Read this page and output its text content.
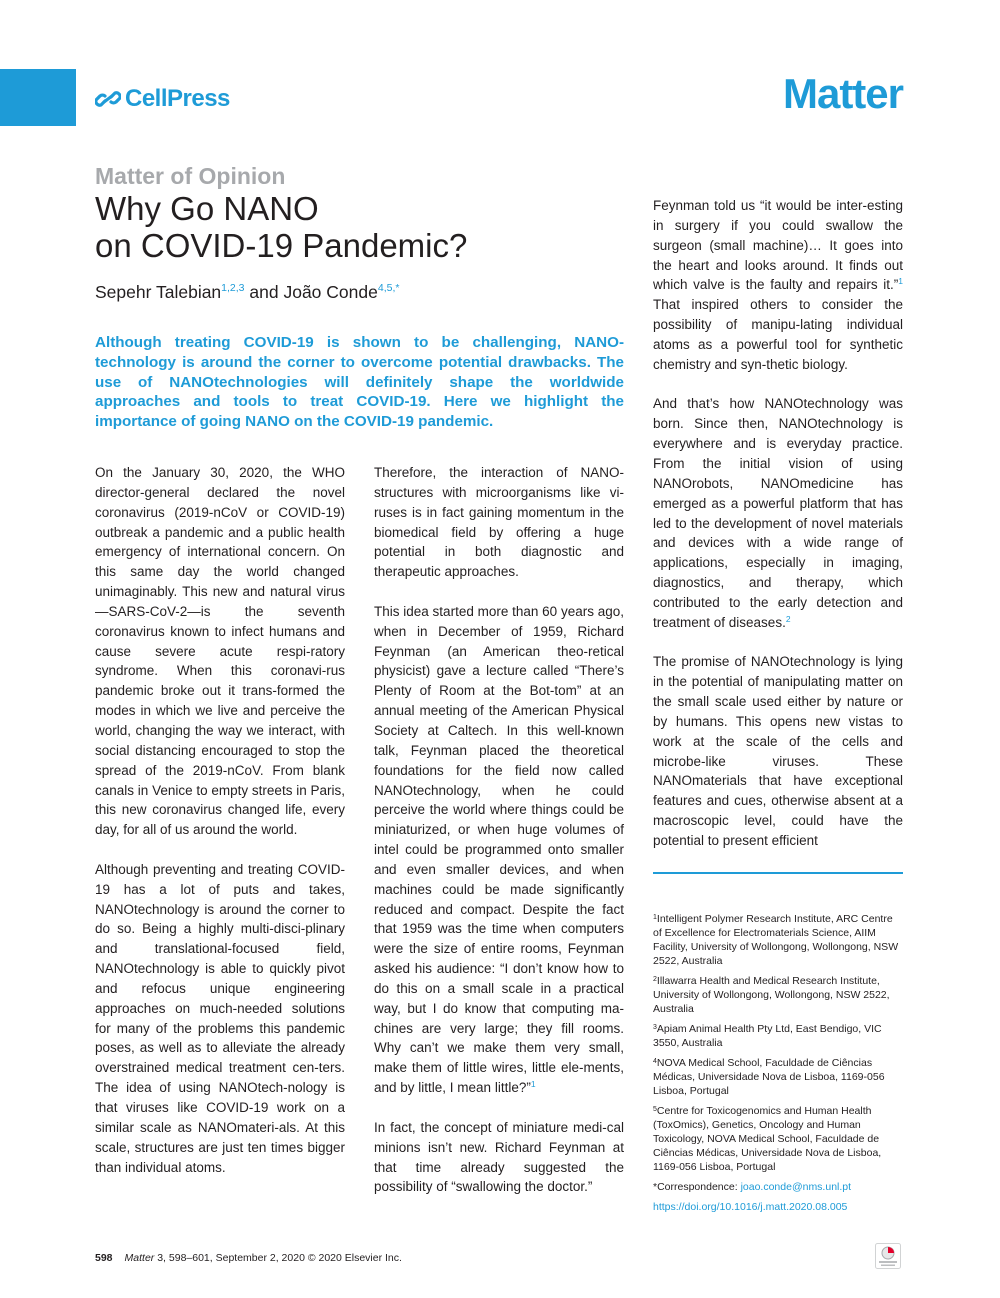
CellPress	Matter
Matter of Opinion
Why Go NANO
on COVID-19 Pandemic?
Sepehr Talebian$^{1,2,3}$ and João Conde$^{4,5,*}$
Although treating COVID-19 is shown to be challenging, NANO-technology is around the corner to overcome potential drawbacks. The use of NANOtechnologies will definitely shape the worldwide approaches and tools to treat COVID-19. Here we highlight the importance of going NANO on the COVID-19 pandemic.

On the January 30, 2020, the WHO director-general declared the novel coronavirus (2019-nCoV or COVID-19) outbreak a pandemic and a public health emergency of international concern. On this same day the world changed unimaginably. This new and natural virus—SARS-CoV-2—is the seventh coronavirus known to infect humans and cause severe acute respi-ratory syndrome. When this coronavi-rus pandemic broke out it trans-formed the modes in which we live and perceive the world, changing the way we interact, with social distancing encouraged to stop the spread of the 2019-nCoV. From blank canals in Venice to empty streets in Paris, this new coronavirus changed life, every day, for all of us around the world.

Although preventing and treating COVID-19 has a lot of puts and takes, NANOtechnology is around the corner to do so. Being a highly multi-disci-plinary and translational-focused field, NANOtechnology is able to quickly pivot and refocus unique engineering approaches on much-needed solutions for many of the problems this pandemic poses, as well as to alleviate the already overstrained medical treatment cen-ters. The idea of using NANOtech-nology is that viruses like COVID-19 work on a similar scale as NANOmateri-als. At this scale, structures are just ten times bigger than individual atoms.

Therefore, the interaction of NANO-structures with microorganisms like vi-ruses is in fact gaining momentum in the biomedical field by offering a huge potential in both diagnostic and therapeutic approaches.

This idea started more than 60 years ago, when in December of 1959, Richard Feynman (an American theo-retical physicist) gave a lecture called “There’s Plenty of Room at the Bot-tom” at an annual meeting of the American Physical Society at Caltech. In this well-known talk, Feynman placed the theoretical foundations for the field now called NANOtechnology, when he could perceive the world where things could be miniaturized, or when huge volumes of intel could be programmed onto smaller and even smaller devices, and when machines could be made significantly reduced and compact. Despite the fact that 1959 was the time when computers were the size of entire rooms, Feynman asked his audience: “I don’t know how to do this on a small scale in a practical way, but I do know that computing ma-chines are very large; they fill rooms. Why can’t we make them very small, make them of little wires, little ele-ments, and by little, I mean little?”$^1$

In fact, the concept of miniature medi-cal minions isn’t new. Richard Feynman at that time already suggested the possibility of “swallowing the doctor.”

Feynman told us “it would be inter-esting in surgery if you could swallow the surgeon (small machine)… It goes into the heart and looks around. It finds out which valve is the faulty and repairs it.”$^1$ That inspired others to consider the possibility of manipu-lating individual atoms as a powerful tool for synthetic chemistry and syn-thetic biology.

And that’s how NANOtechnology was born. Since then, NANOtechnology is everywhere and is everyday practice. From the initial vision of using NANOrobots, NANOmedicine has emerged as a powerful platform that has led to the development of novel materials and devices with a wide range of applications, especially in imaging, diagnostics, and therapy, which contributed to the early detection and treatment of diseases.$^2$

The promise of NANOtechnology is lying in the potential of manipulating matter on the small scale used either by nature or by humans. This opens new vistas to work at the scale of the cells and microbe-like viruses. These NANOmaterials that have exceptional features and cues, otherwise absent at a macroscopic level, could have the potential to present efficient

$^1$Intelligent Polymer Research Institute, ARC Centre of Excellence for Electromaterials Science, AIIM Facility, University of Wollongong, Wollongong, NSW 2522, Australia
$^2$Illawarra Health and Medical Research Institute, University of Wollongong, Wollongong, NSW 2522, Australia
$^3$Apiam Animal Health Pty Ltd, East Bendigo, VIC 3550, Australia
$^4$NOVA Medical School, Faculdade de Ciências Médicas, Universidade Nova de Lisboa, 1169-056 Lisboa, Portugal
$^5$Centre for Toxicogenomics and Human Health (ToxOmics), Genetics, Oncology and Human Toxicology, NOVA Medical School, Faculdade de Ciências Médicas, Universidade Nova de Lisboa, 1169-056 Lisboa, Portugal
*Correspondence: joao.conde@nms.unl.pt
https://doi.org/10.1016/j.matt.2020.08.005
598 Matter 3, 598–601, September 2, 2020 © 2020 Elsevier Inc.
